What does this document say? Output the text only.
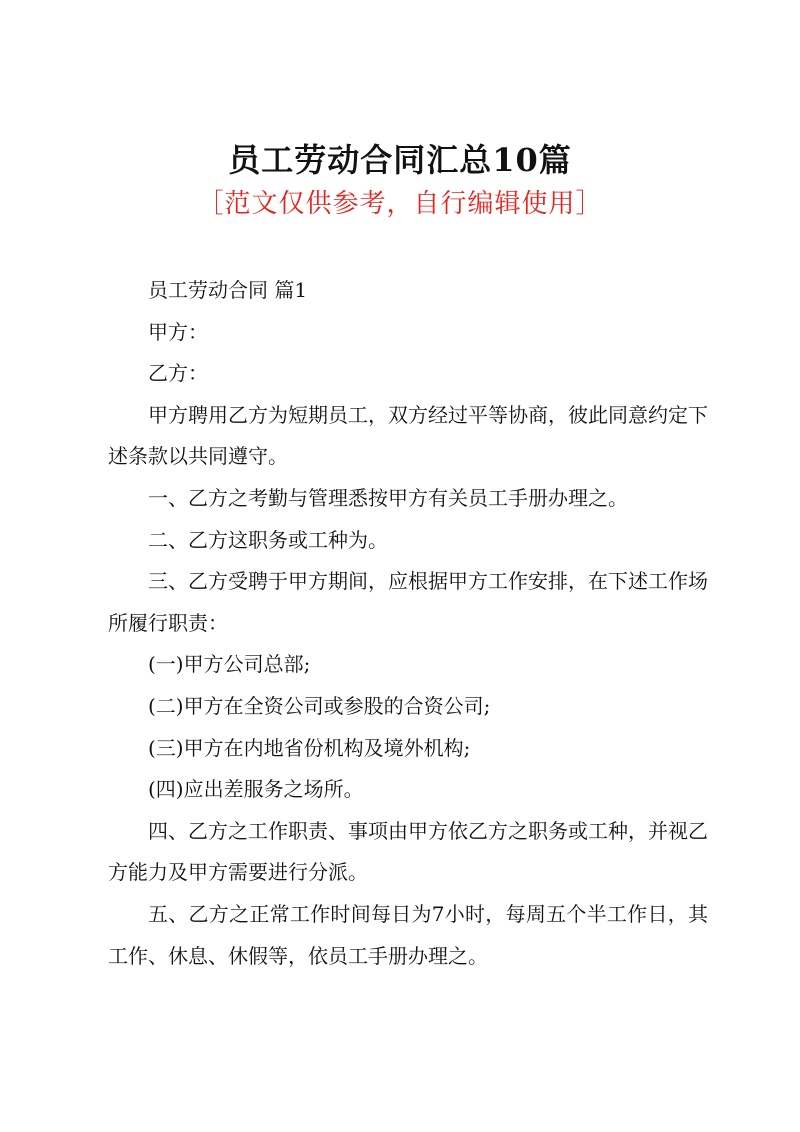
员工劳动合同汇总10篇
［范文仅供参考，自行编辑使用］

员工劳动合同 篇1

甲方：

乙方：

甲方聘用乙方为短期员工，双方经过平等协商，彼此同意约定下述条款以共同遵守。

一、乙方之考勤与管理悉按甲方有关员工手册办理之。

二、乙方这职务或工种为。

三、乙方受聘于甲方期间，应根据甲方工作安排，在下述工作场所履行职责：

(一)甲方公司总部;

(二)甲方在全资公司或参股的合资公司;

(三)甲方在内地省份机构及境外机构;

(四)应出差服务之场所。

四、乙方之工作职责、事项由甲方依乙方之职务或工种，并视乙方能力及甲方需要进行分派。

五、乙方之正常工作时间每日为7小时，每周五个半工作日，其工作、休息、休假等，依员工手册办理之。
